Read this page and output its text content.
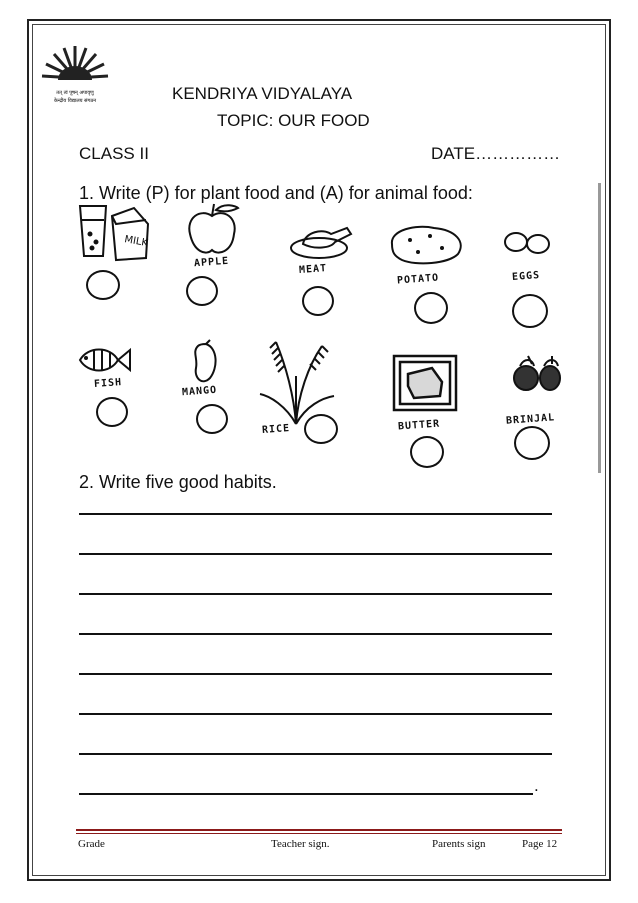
तत् त्वं पूषन् अपावृणु
केन्द्रीय विद्यालय संगठन	KENDRIYA VIDYALAYA
TOPIC: OUR FOOD
CLASS II	DATE……………
1. Write (P) for plant food and (A) for animal food:
MILK
APPLE
MEAT
POTATO	EGGS
FISH
MANGO
RICE	BUTTER	BRINJAL
2. Write five good habits.
.
Grade	Teacher sign.	Parents sign	Page 12
